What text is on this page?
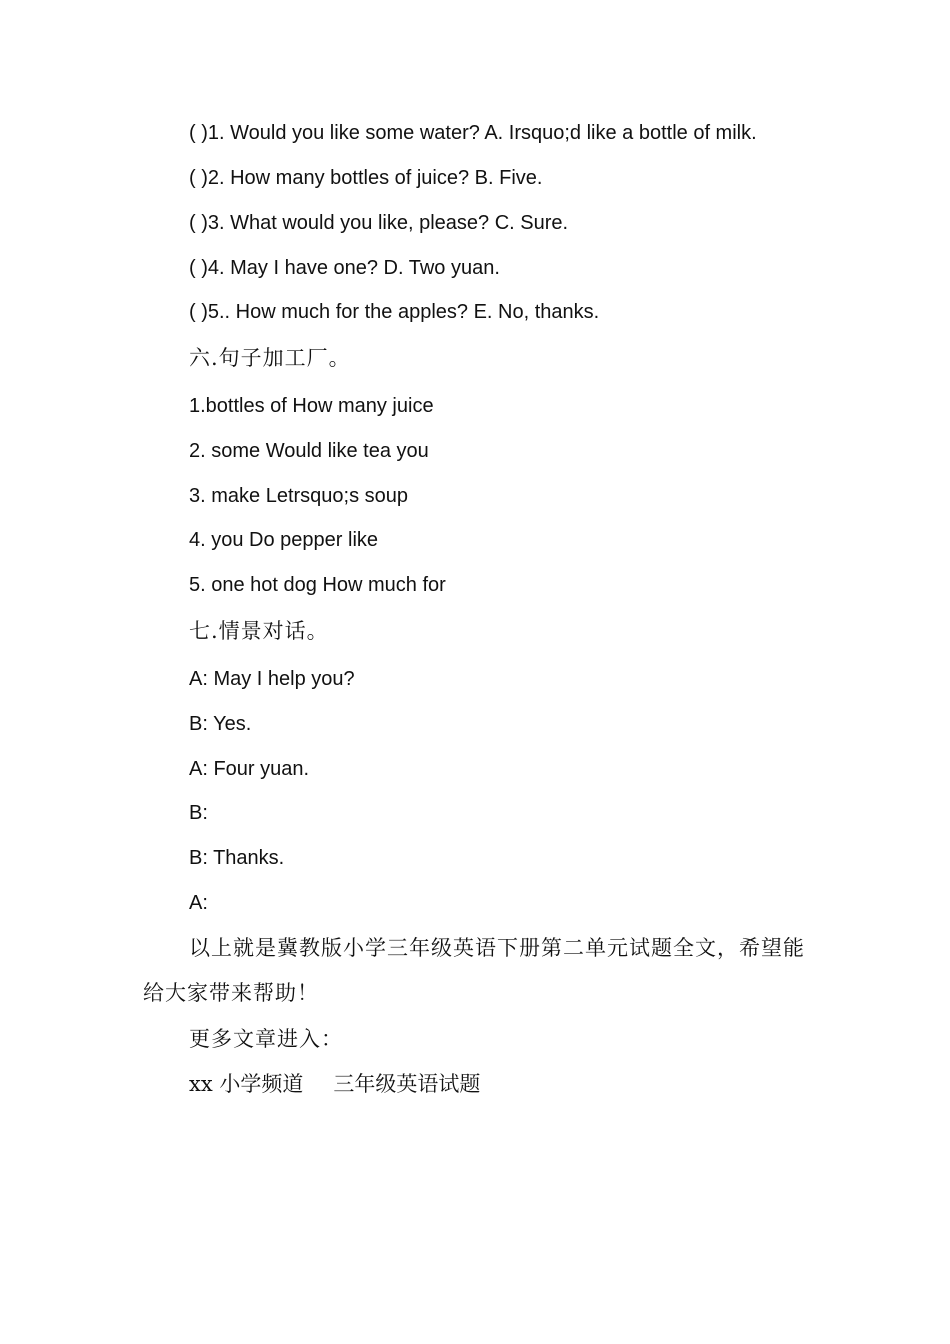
( )1. Would you like some water? A. Irsquo;d like a bottle of milk.
( )2. How many bottles of juice? B. Five.
( )3. What would you like, please? C. Sure.
( )4. May I have one? D. Two yuan.
( )5.. How much for the apples? E. No, thanks.
六.句子加工厂。
1.bottles of How many juice
2. some Would like tea you
3. make Letrsquo;s soup
4. you Do pepper like
5. one hot dog How much for
七.情景对话。
A: May I help you?
B: Yes.
A: Four yuan.
B:
B: Thanks.
A:
以上就是冀教版小学三年级英语下册第二单元试题全文，希望能给大家带来帮助！
更多文章进入：
xx 小学频道 三年级英语试题
